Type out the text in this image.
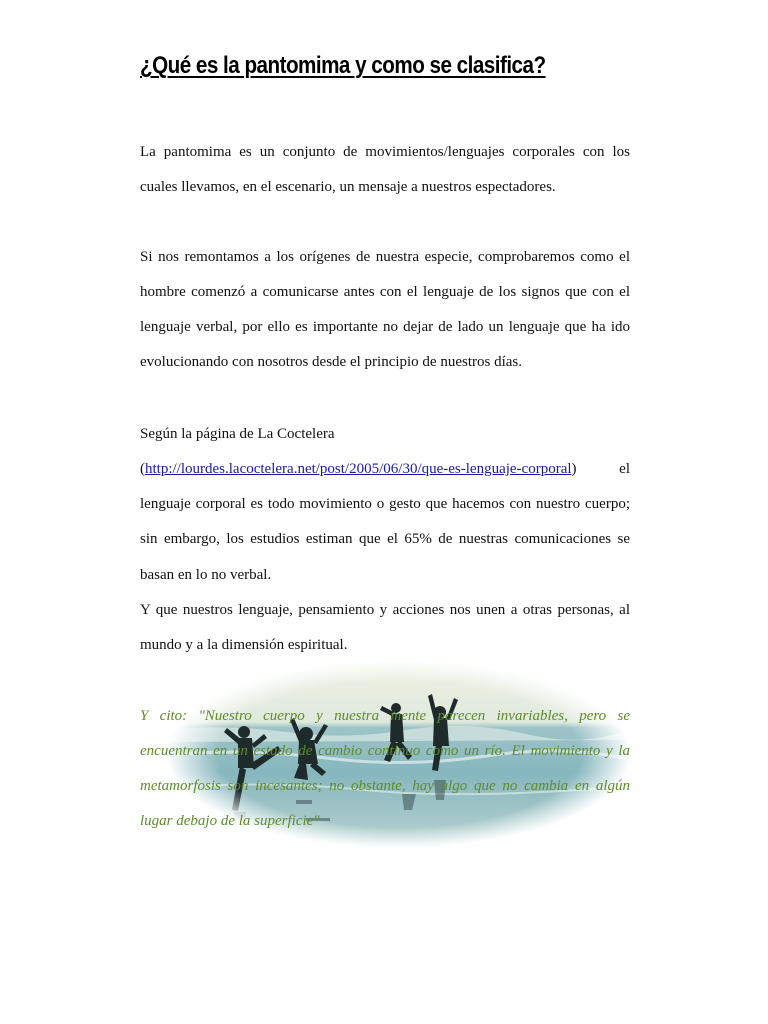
¿Qué es la pantomima y como se clasifica?

La pantomima es un conjunto de movimientos/lenguajes corporales con los

cuales llevamos, en el escenario, un mensaje a nuestros espectadores.

Si nos remontamos a los orígenes de nuestra especie, comprobaremos como el

hombre comenzó a comunicarse antes con el lenguaje de los signos que con el

lenguaje verbal, por ello es importante no dejar de lado un lenguaje que ha ido

evolucionando con nosotros desde el principio de nuestros días.

Según la página de La Coctelera

(http://lourdes.lacoctelera.net/post/2005/06/30/que-es-lenguaje-corporal)	el

lenguaje corporal es todo movimiento o gesto que hacemos con nuestro cuerpo;

sin embargo, los estudios estiman que el 65% de nuestras comunicaciones se

basan en lo no verbal.

Y que nuestros lenguaje, pensamiento y acciones nos unen a otras personas, al

mundo y a la dimensión espiritual.

Y cito: "Nuestro cuerpo y nuestra mente parecen invariables, pero se

encuentran en un estado de cambio continuo como un río. El movimiento y la

metamorfosis son incesantes; no obstante, hay algo que no cambia en algún

lugar debajo de la superficie"
